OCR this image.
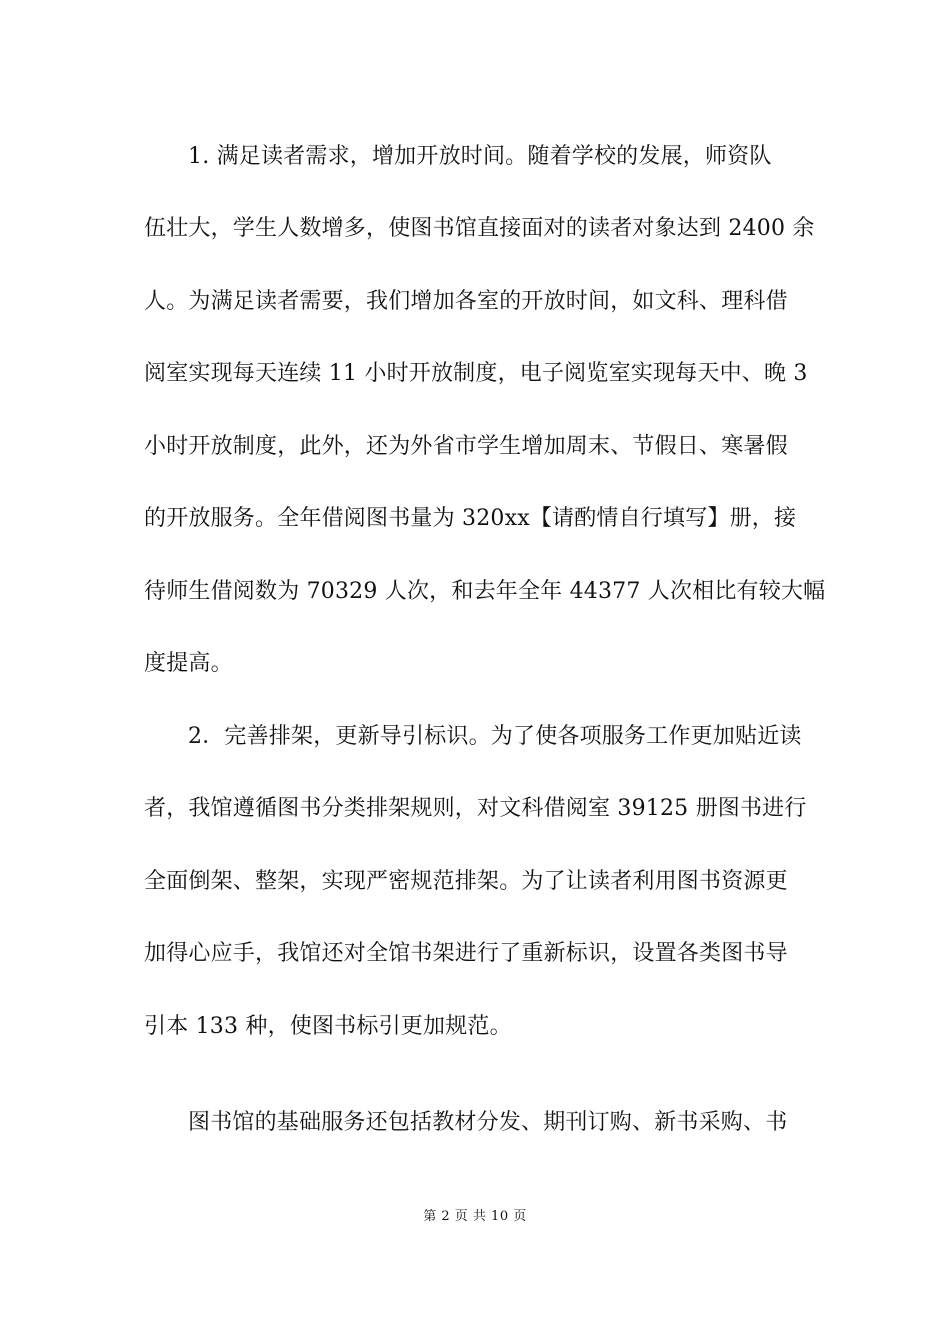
1. 满足读者需求，增加开放时间。随着学校的发展，师资队
伍壮大，学生人数增多，使图书馆直接面对的读者对象达到 2400 余
人。为满足读者需要，我们增加各室的开放时间，如文科、理科借
阅室实现每天连续 11 小时开放制度，电子阅览室实现每天中、晚 3
小时开放制度，此外，还为外省市学生增加周末、节假日、寒暑假
的开放服务。全年借阅图书量为 320xx【请酌情自行填写】册，接
待师生借阅数为 70329 人次，和去年全年 44377 人次相比有较大幅
度提高。
2．完善排架，更新导引标识。为了使各项服务工作更加贴近读
者，我馆遵循图书分类排架规则，对文科借阅室 39125 册图书进行
全面倒架、整架，实现严密规范排架。为了让读者利用图书资源更
加得心应手，我馆还对全馆书架进行了重新标识，设置各类图书导
引本 133 种，使图书标引更加规范。
图书馆的基础服务还包括教材分发、期刊订购、新书采购、书
第 2 页 共 10 页
